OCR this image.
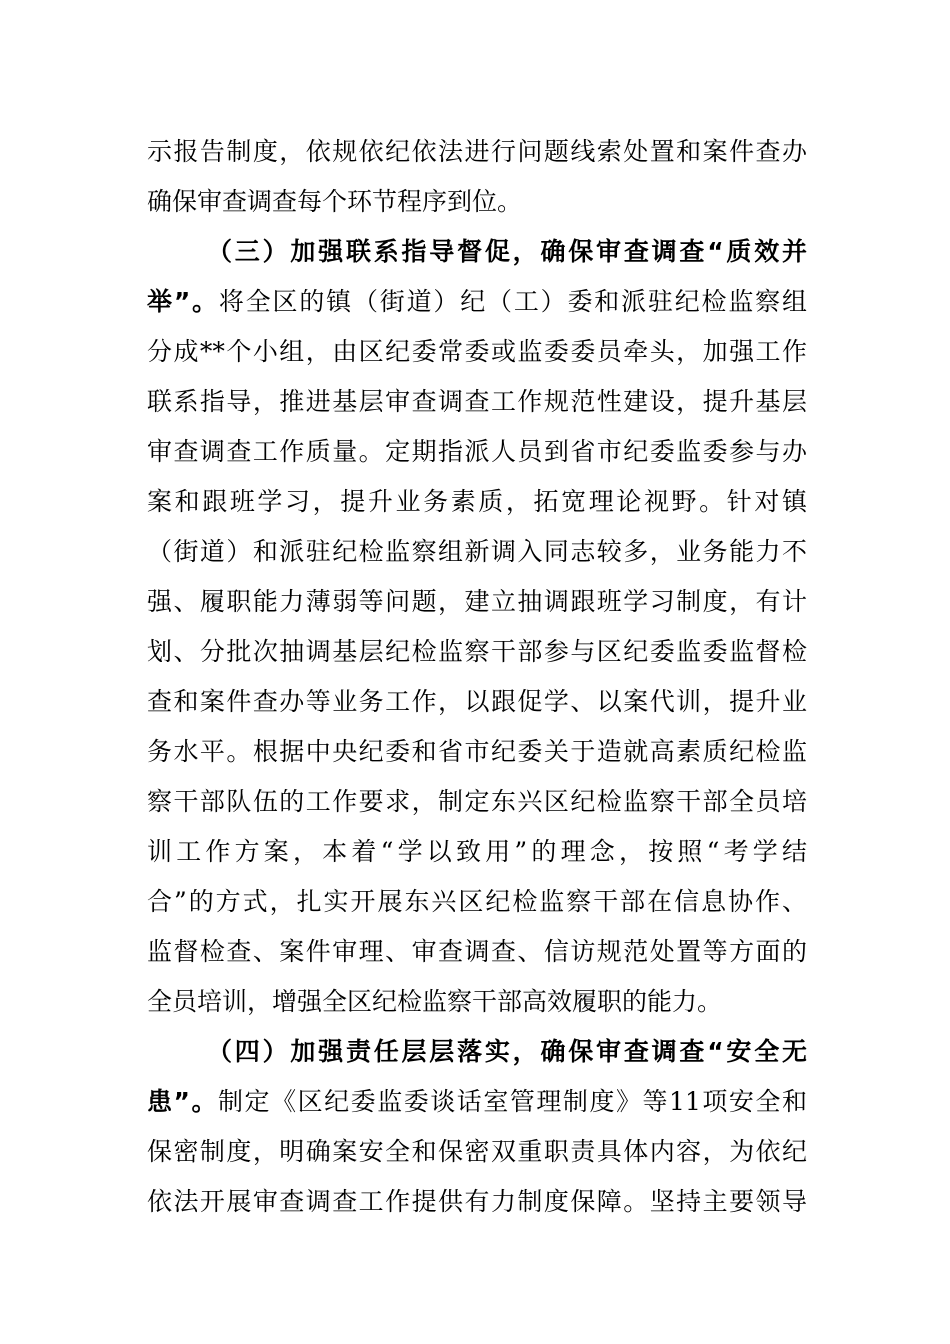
示报告制度，依规依纪依法进行问题线索处置和案件查办
确保审查调查每个环节程序到位。
（三）加强联系指导督促，确保审查调查“质效并
举”。将全区的镇（街道）纪（工）委和派驻纪检监察组
分成**个小组，由区纪委常委或监委委员牵头，加强工作
联系指导，推进基层审查调查工作规范性建设，提升基层
审查调查工作质量。定期指派人员到省市纪委监委参与办
案和跟班学习，提升业务素质，拓宽理论视野。针对镇
（街道）和派驻纪检监察组新调入同志较多，业务能力不
强、履职能力薄弱等问题，建立抽调跟班学习制度，有计
划、分批次抽调基层纪检监察干部参与区纪委监委监督检
查和案件查办等业务工作，以跟促学、以案代训，提升业
务水平。根据中央纪委和省市纪委关于造就高素质纪检监
察干部队伍的工作要求，制定东兴区纪检监察干部全员培
训工作方案，本着“学以致用”的理念，按照“考学结
合”的方式，扎实开展东兴区纪检监察干部在信息协作、
监督检查、案件审理、审查调查、信访规范处置等方面的
全员培训，增强全区纪检监察干部高效履职的能力。
（四）加强责任层层落实，确保审查调查“安全无
患”。制定《区纪委监委谈话室管理制度》等11项安全和
保密制度，明确案安全和保密双重职责具体内容，为依纪
依法开展审查调查工作提供有力制度保障。坚持主要领导
